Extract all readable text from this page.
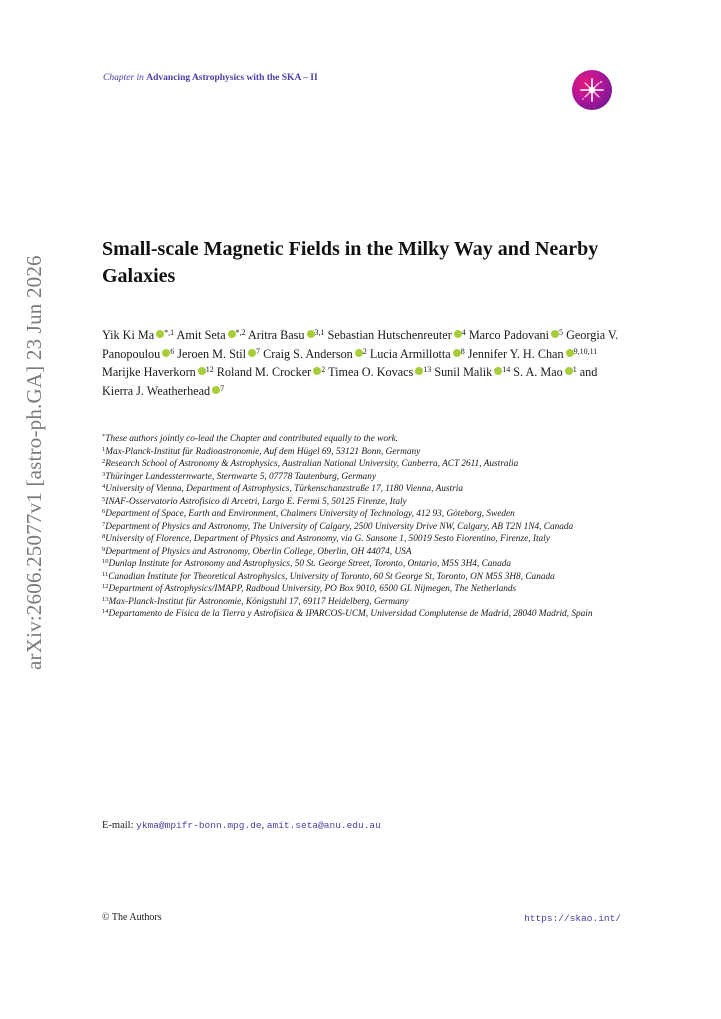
arXiv:2606.25077v1 [astro-ph.GA] 23 Jun 2026
Chapter in Advancing Astrophysics with the SKA – II
Small-scale Magnetic Fields in the Milky Way and Nearby Galaxies
Yik Ki Ma $^{*,1}$ Amit Seta $^{*,2}$ Aritra Basu $^{3,1}$ Sebastian Hutschenreuter $^4$ Marco Padovani $^5$ Georgia V. Panopoulou $^6$ Jeroen M. Stil $^7$ Craig S. Anderson $^2$ Lucia Armillotta $^8$ Jennifer Y. H. Chan $^{9,10,11}$ Marijke Haverkorn $^{12}$ Roland M. Crocker $^2$ Timea O. Kovacs $^{13}$ Sunil Malik $^{14}$ S. A. Mao $^1$ and
Kierra J. Weatherhead $^7$
*These authors jointly co-lead the Chapter and contributed equally to the work.
$^1$Max-Planck-Institut für Radioastronomie, Auf dem Hügel 69, 53121 Bonn, Germany
$^2$Research School of Astronomy & Astrophysics, Australian National University, Canberra, ACT 2611, Australia
$^3$Thüringer Landessternwarte, Sternwarte 5, 07778 Tautenburg, Germany
$^4$University of Vienna, Department of Astrophysics, Türkenschanzstraße 17, 1180 Vienna, Austria
$^5$INAF-Osservatorio Astrofisico di Arcetri, Largo E. Fermi 5, 50125 Firenze, Italy
$^6$Department of Space, Earth and Environment, Chalmers University of Technology, 412 93, Göteborg, Sweden
$^7$Department of Physics and Astronomy, The University of Calgary, 2500 University Drive NW, Calgary, AB T2N 1N4, Canada
$^8$University of Florence, Department of Physics and Astronomy, via G. Sansone 1, 50019 Sesto Fiorentino, Firenze, Italy
$^9$Department of Physics and Astronomy, Oberlin College, Oberlin, OH 44074, USA
$^{10}$Dunlap Institute for Astronomy and Astrophysics, 50 St. George Street, Toronto, Ontario, M5S 3H4, Canada
$^{11}$Canadian Institute for Theoretical Astrophysics, University of Toronto, 60 St George St, Toronto, ON M5S 3H8, Canada
$^{12}$Department of Astrophysics/IMAPP, Radboud University, PO Box 9010, 6500 GL Nijmegen, The Netherlands
$^{13}$Max-Planck-Institut für Astronomie, Königstuhl 17, 69117 Heidelberg, Germany
$^{14}$Departamento de Física de la Tierra y Astrofísica & IPARCOS-UCM, Universidad Complutense de Madrid, 28040 Madrid, Spain
E-mail: ykma@mpifr-bonn.mpg.de, amit.seta@anu.edu.au
© The Authors	https://skao.int/
